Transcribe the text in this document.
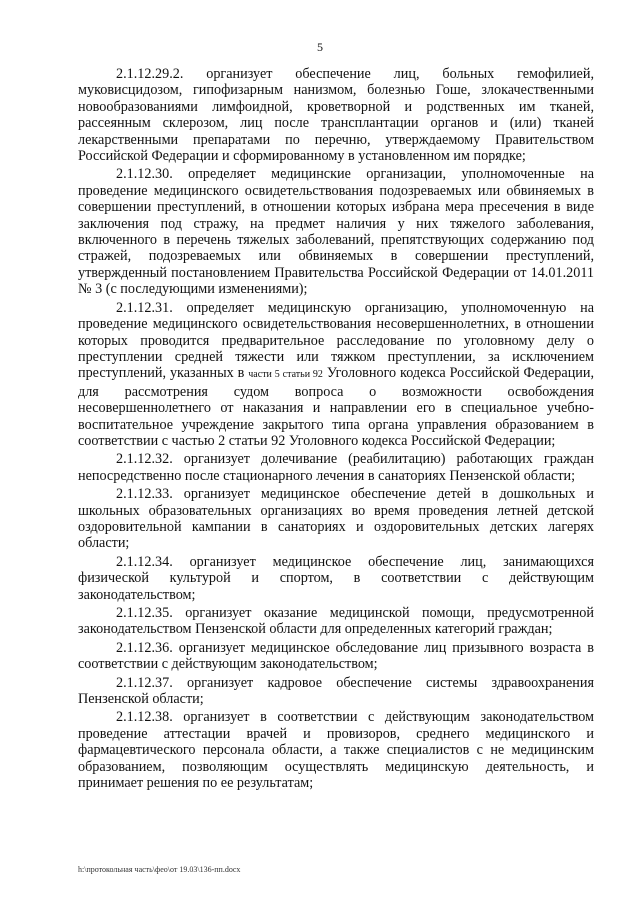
5

2.1.12.29.2. организует обеспечение лиц, больных гемофилией, муковисцидозом, гипофизарным нанизмом, болезнью Гоше, злокачественными новообразованиями лимфоидной, кроветворной и родственных им тканей, рассеянным склерозом, лиц после трансплантации органов и (или) тканей лекарственными препаратами по перечню, утверждаемому Правительством Российской Федерации и сформированному в установленном им порядке;

2.1.12.30. определяет медицинские организации, уполномоченные на проведение медицинского освидетельствования подозреваемых или обвиняемых в совершении преступлений, в отношении которых избрана мера пресечения в виде заключения под стражу, на предмет наличия у них тяжелого заболевания, включенного в перечень тяжелых заболеваний, препятствующих содержанию под стражей, подозреваемых или обвиняемых в совершении преступлений, утвержденный постановлением Правительства Российской Федерации от 14.01.2011 № 3 (с последующими изменениями);

2.1.12.31. определяет медицинскую организацию, уполномоченную на проведение медицинского освидетельствования несовершеннолетних, в отношении которых проводится предварительное расследование по уголовному делу о преступлении средней тяжести или тяжком преступлении, за исключением преступлений, указанных в части 5 статьи 92 Уголовного кодекса Российской Федерации, для рассмотрения судом вопроса о возможности освобождения несовершеннолетнего от наказания и направлении его в специальное учебно-воспитательное учреждение закрытого типа органа управления образованием в соответствии с частью 2 статьи 92 Уголовного кодекса Российской Федерации;

2.1.12.32. организует долечивание (реабилитацию) работающих граждан непосредственно после стационарного лечения в санаториях Пензенской области;

2.1.12.33. организует медицинское обеспечение детей в дошкольных и школьных образовательных организациях во время проведения летней детской оздоровительной кампании в санаториях и оздоровительных детских лагерях области;

2.1.12.34. организует медицинское обеспечение лиц, занимающихся физической культурой и спортом, в соответствии с действующим законодательством;

2.1.12.35. организует оказание медицинской помощи, предусмотренной законодательством Пензенской области для определенных категорий граждан;

2.1.12.36. организует медицинское обследование лиц призывного возраста в соответствии с действующим законодательством;

2.1.12.37. организует кадровое обеспечение системы здравоохранения Пензенской области;

2.1.12.38. организует в соответствии с действующим законодательством проведение аттестации врачей и провизоров, среднего медицинского и фармацевтического персонала области, а также специалистов с не медицинским образованием, позволяющим осуществлять медицинскую деятельность, и принимает решения по ее результатам;

h:\протокольная часть\фео\от 19.03\136-пп.docx
